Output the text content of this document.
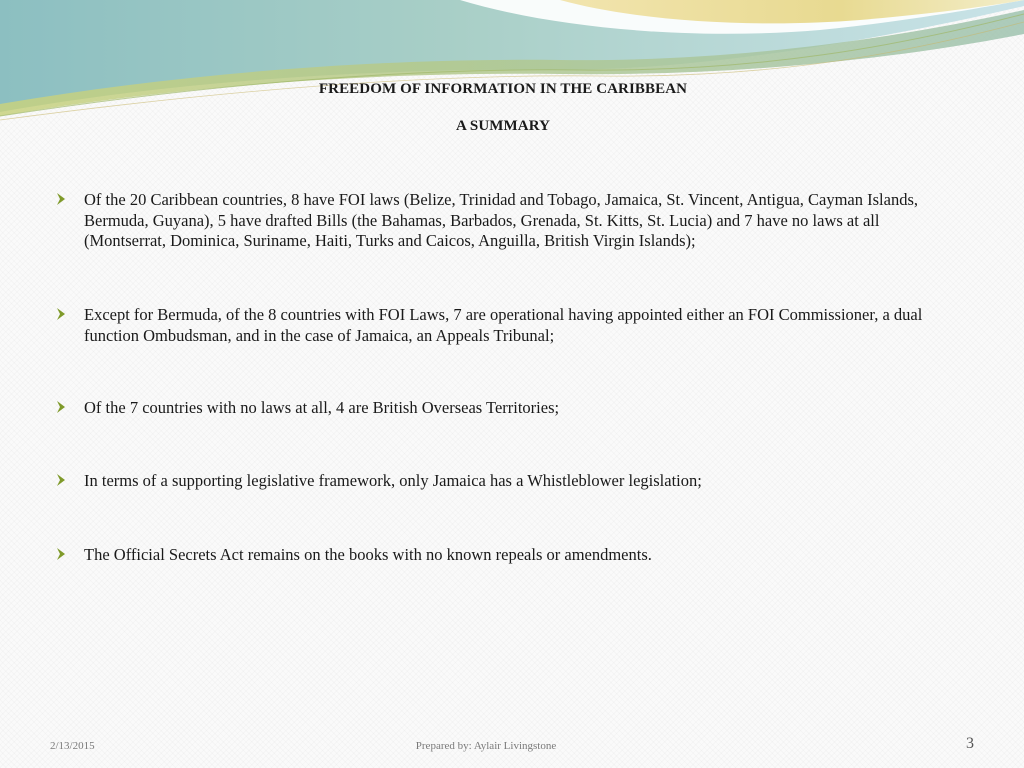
FREEDOM OF INFORMATION IN THE CARIBBEAN
A SUMMARY
Of the 20 Caribbean countries, 8 have FOI laws (Belize, Trinidad and Tobago, Jamaica, St. Vincent, Antigua, Cayman Islands, Bermuda, Guyana), 5 have drafted Bills (the Bahamas, Barbados, Grenada, St. Kitts, St. Lucia) and 7 have no laws at all (Montserrat, Dominica, Suriname, Haiti, Turks and Caicos, Anguilla, British Virgin Islands);
Except for Bermuda, of the 8 countries with FOI Laws, 7 are operational having appointed either an FOI Commissioner, a dual function Ombudsman, and in the case of Jamaica, an Appeals Tribunal;
Of the 7 countries with no laws at all, 4 are British Overseas Territories;
In terms of a supporting legislative framework, only Jamaica has a Whistleblower legislation;
The Official Secrets Act remains on the books with no known repeals or amendments.
2/13/2015	Prepared by: Aylair Livingstone	3
